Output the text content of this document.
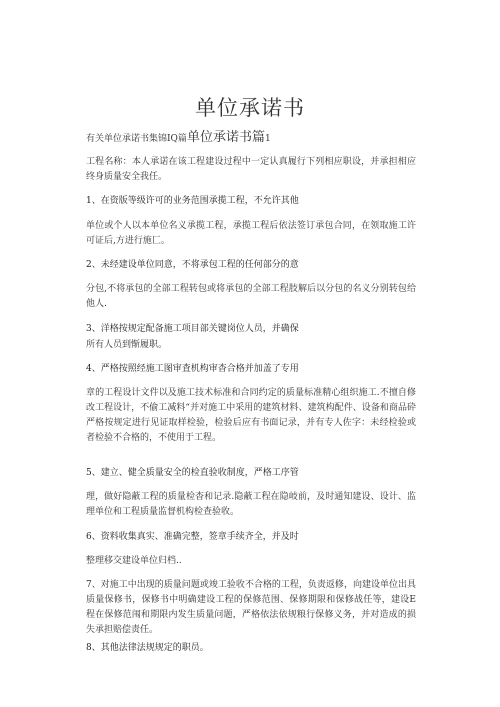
单位承诺书
有关单位承诺书集锦IQ篇单位承诺书篇1

工程名称：本人承诺在该工程建设过程中一定认真履行下列相应职设，并承担相应终身质量安全我任。

1、在资版等级许可的业务范围承揽工程，不允许其他

单位或个人以本单位名义承揽工程，承揽工程后依法签订承包合同，在领取施工许可证后,方进行施匚。

2、未经建设单位同意，不将承包工程的任何部分的意

分包,不将承包的全部工程转包或将承包的全部工程肢解后以分包的名义分别转包给他人.

3、洋格按规定配备施工项目部关键岗位人员，并确保

所有人员到惭履职。

4、严格按照经施工图审査机构审杳合格并加盖了专用

章的工程设计文件以及施工技术标准和合同约定的质量标准精心组织施工.不擅自修改工程设计，不偷工减料“并对施工中采用的建筑材料、建筑构配件、设备和商品砕严格按规定进行见证取样检验，检验后应有书面记录，并有专人佐字：未经检验或者检验不合格的，不使用于工程。

5、建立、健全质量安全的检直验收制度，严格工序管

理，做好隐蔽工程的质量检杳和记录.隐蔽工程在隐岐前，及时通知建设、设计、监理单位和工程质量监督机构检查验收。

6、资料收集真实、准确完整，签章手续齐全，并及时

整理移交建设单位归档..

7、对施工中出现的质量问题或竣工验收不合格的工程，负责返修，向建设单位出具质量保修书，保修书中明确建设工程的保修范围、保修期限和保修战任等，建设E程在保修范闱和期限内发生质量问题，严格依法依规粮行保修义务，并对造成的损失承担赔偿责任。

8、其他法律法规规定的职员。
